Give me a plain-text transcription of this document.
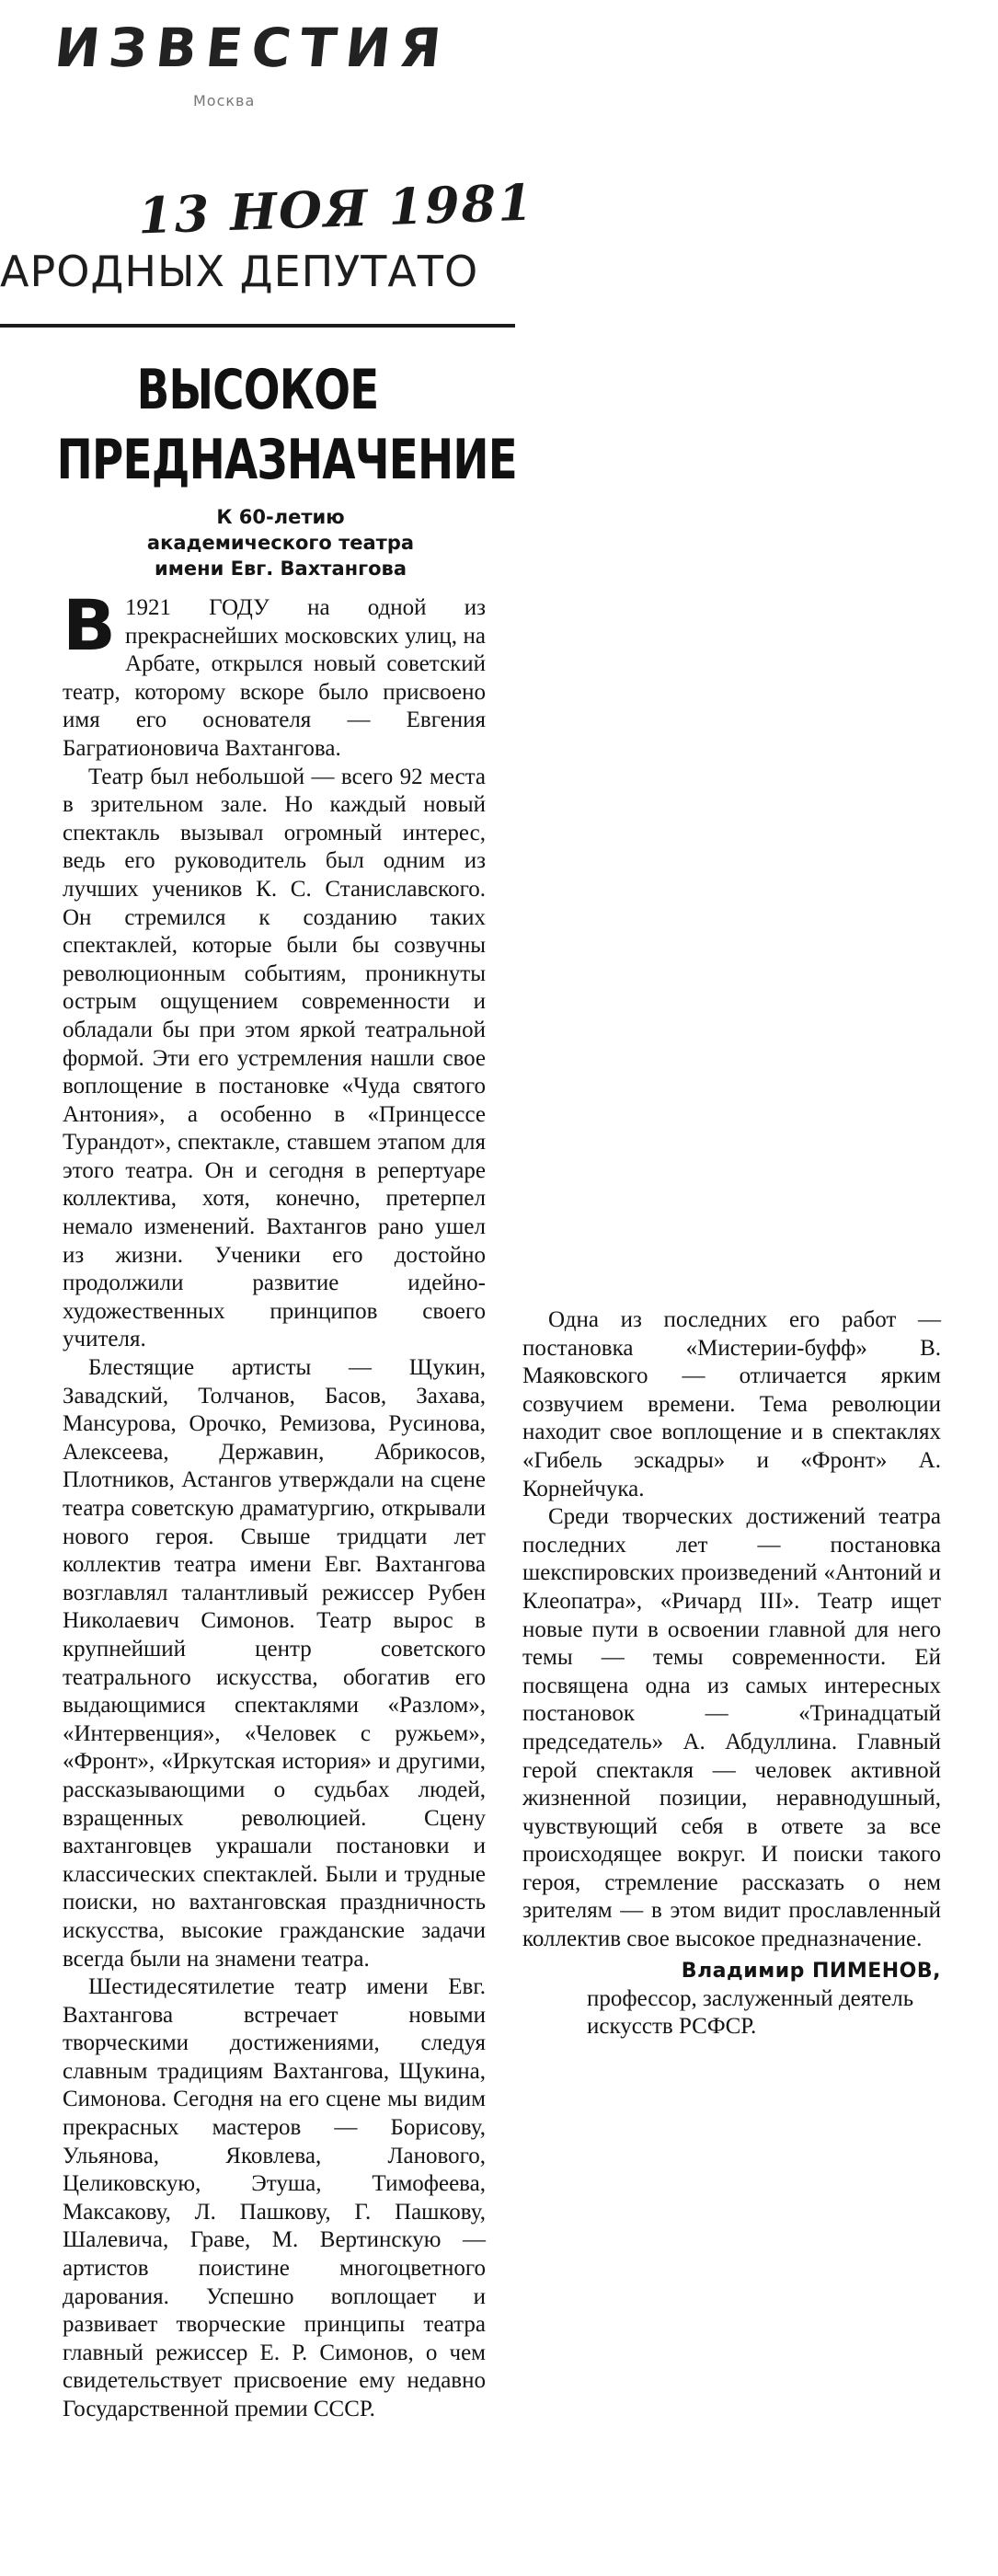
ИЗВЕСТИЯ
Москва
13 НОЯ 1981
АРОДНЫХ ДЕПУТАТО
ВЫСОКОЕ
ПРЕДНАЗНАЧЕНИЕ
К 60-летию
академического театра
имени Евг. Вахтангова

В 1921 ГОДУ на одной из прекраснейших московских улиц, на Арбате, открылся новый советский театр, которому вскоре было присвоено имя его основателя — Евгения Багратионовича Вахтангова.

Театр был небольшой — всего 92 места в зрительном зале. Но каждый новый спектакль вызывал огромный интерес, ведь его руководитель был одним из лучших учеников К. С. Станиславского. Он стремился к созданию таких спектаклей, которые были бы созвучны революционным событиям, проникнуты острым ощущением современности и обладали бы при этом яркой театральной формой. Эти его устремления нашли свое воплощение в постановке «Чуда святого Антония», а особенно в «Принцессе Турандот», спектакле, ставшем этапом для этого театра. Он и сегодня в репертуаре коллектива, хотя, конечно, претерпел немало изменений. Вахтангов рано ушел из жизни. Ученики его достойно продолжили развитие идейно-художественных принципов своего учителя.

Блестящие артисты — Щукин, Завадский, Толчанов, Басов, Захава, Мансурова, Орочко, Ремизова, Русинова, Алексеева, Державин, Абрикосов, Плотников, Астангов утверждали на сцене театра советскую драматургию, открывали нового героя. Свыше тридцати лет коллектив театра имени Евг. Вахтангова возглавлял талантливый режиссер Рубен Николаевич Симонов. Театр вырос в крупнейший центр советского театрального искусства, обогатив его выдающимися спектаклями «Разлом», «Интервенция», «Человек с ружьем», «Фронт», «Иркутская история» и другими, рассказывающими о судьбах людей, взращенных революцией. Сцену вахтанговцев украшали постановки и классических спектаклей. Были и трудные поиски, но вахтанговская праздничность искусства, высокие гражданские задачи всегда были на знамени театра.

Шестидесятилетие театр имени Евг. Вахтангова встречает новыми творческими достижениями, следуя славным традициям Вахтангова, Щукина, Симонова. Сегодня на его сцене мы видим прекрасных мастеров — Борисову, Ульянова, Яковлева, Ланового, Целиковскую, Этуша, Тимофеева, Максакову, Л. Пашкову, Г. Пашкову, Шалевича, Граве, М. Вертинскую — артистов поистине многоцветного дарования. Успешно воплощает и развивает творческие принципы театра главный режиссер Е. Р. Симонов, о чем свидетельствует присвоение ему недавно Государственной премии СССР.

Одна из последних его работ — постановка «Мистерии-буфф» В. Маяковского — отличается ярким созвучием времени. Тема революции находит свое воплощение и в спектаклях «Гибель эскадры» и «Фронт» А. Корнейчука.

Среди творческих достижений театра последних лет — постановка шекспировских произведений «Антоний и Клеопатра», «Ричард III». Театр ищет новые пути в освоении главной для него темы — темы современности. Ей посвящена одна из самых интересных постановок — «Тринадцатый председатель» А. Абдуллина. Главный герой спектакля — человек активной жизненной позиции, неравнодушный, чувствующий себя в ответе за все происходящее вокруг. И поиски такого героя, стремление рассказать о нем зрителям — в этом видит прославленный коллектив свое высокое предназначение.

Владимир ПИМЕНОВ,
профессор, заслуженный деятель искусств РСФСР.
